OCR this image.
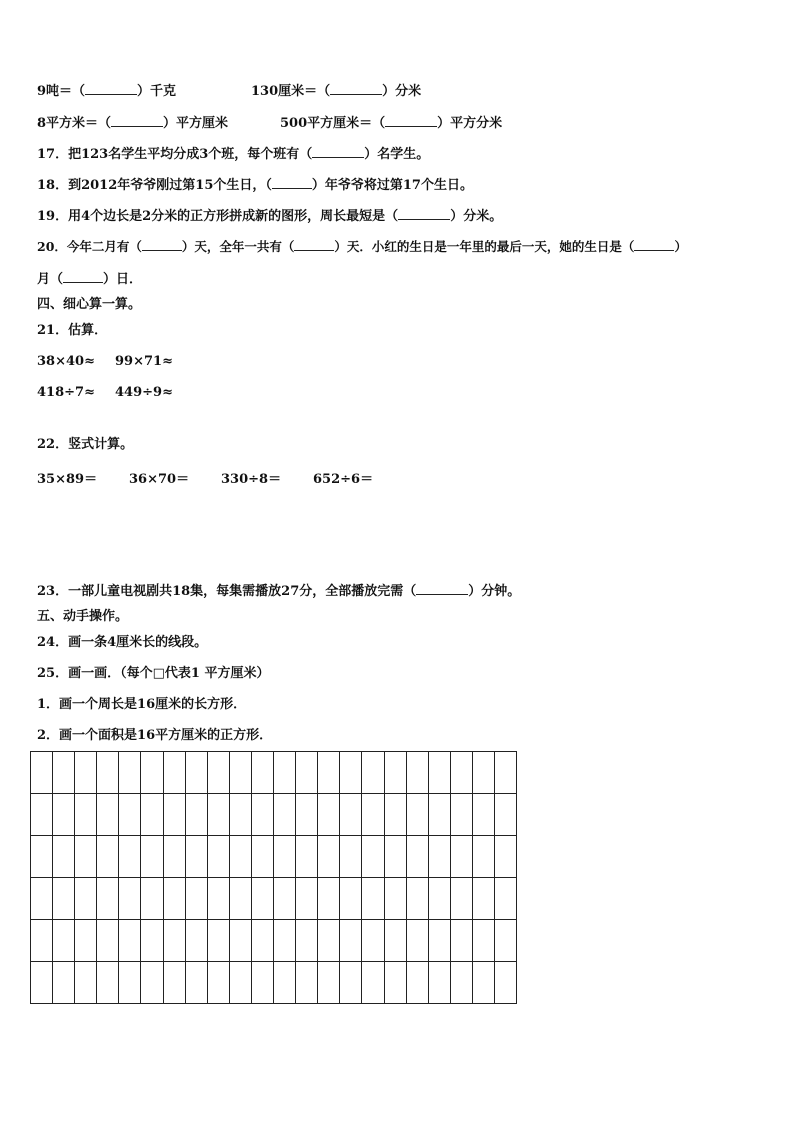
9吨＝（	）千克	130厘米＝（	）分米
8平方米＝（	）平方厘米	500平方厘米＝（	）平方分米
17．把123名学生平均分成3个班，每个班有（	）名学生。
18．到2012年爷爷刚过第15个生日，（	）年爷爷将过第17个生日。
19．用4个边长是2分米的正方形拼成新的图形，周长最短是（	）分米。
20．今年二月有（	）天，全年一共有（	）天．小红的生日是一年里的最后一天，她的生日是（	）
月（	）日．
四、细心算一算。
21．估算．
38×40≈ 99×71≈
418÷7≈ 449÷9≈
22．竖式计算。
35×89＝ 36×70＝ 330÷8＝ 652÷6＝
23．一部儿童电视剧共18集，每集需播放27分，全部播放完需（	）分钟。
五、动手操作。
24．画一条4厘米长的线段。
25．画一画．（每个□代表1 平方厘米）
1．画一个周长是16厘米的长方形．
2．画一个面积是16平方厘米的正方形．
